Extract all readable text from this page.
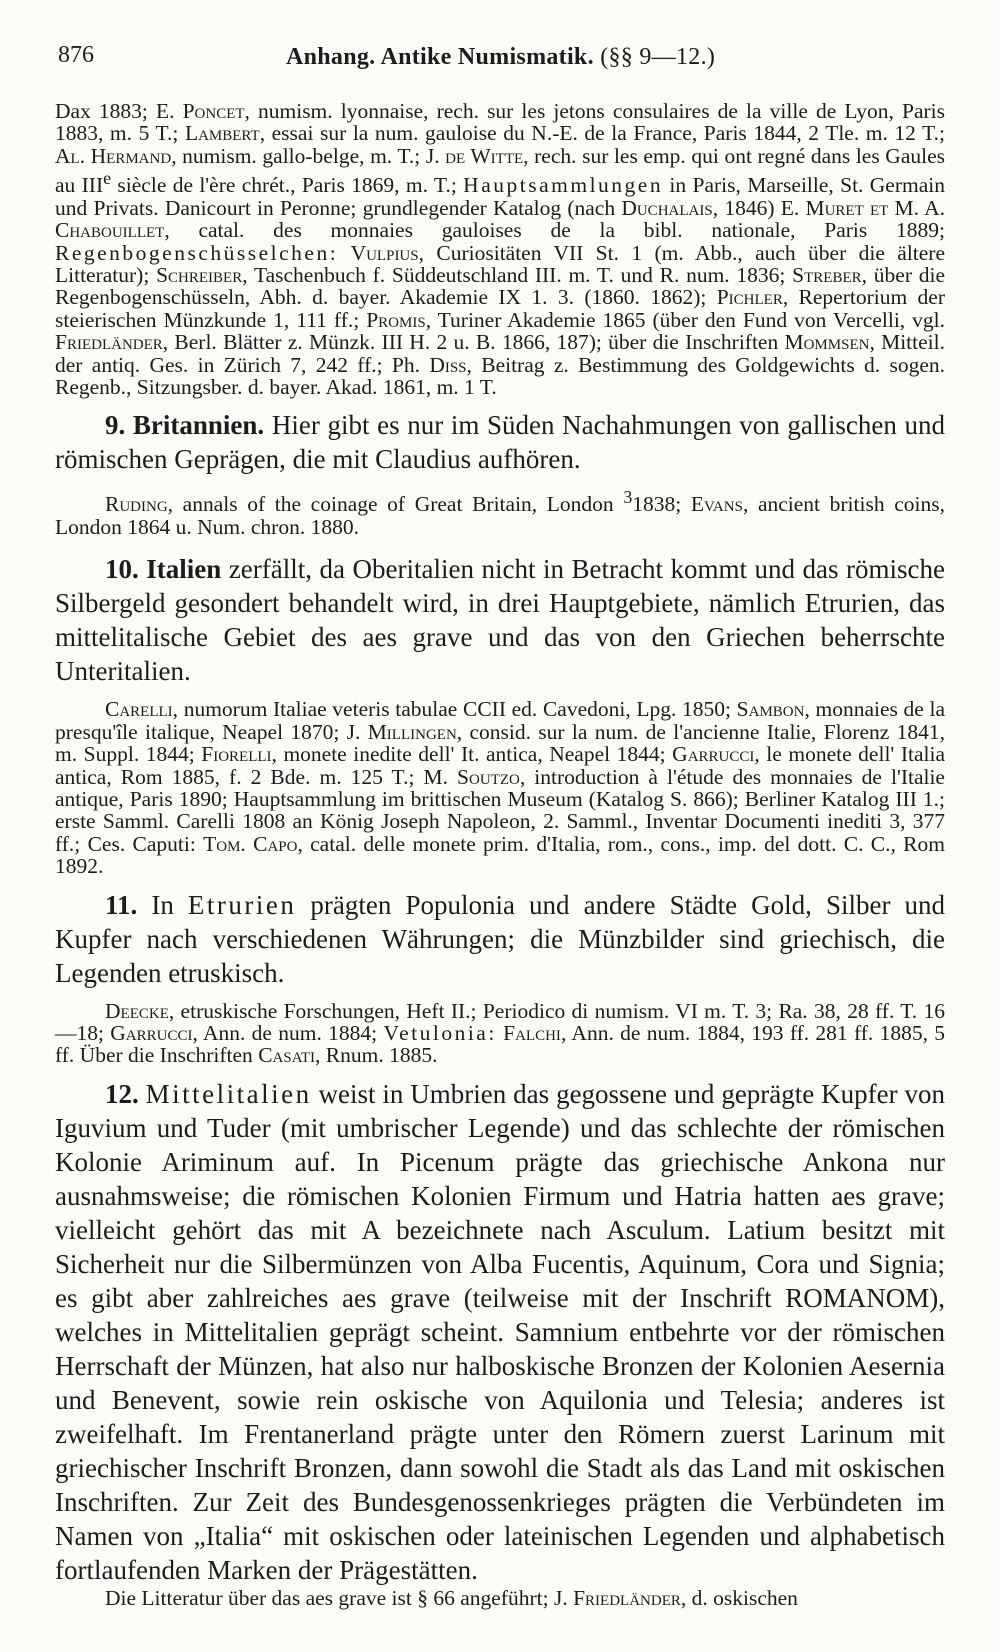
876	Anhang. Antike Numismatik. (§§ 9—12.)

Dax 1883; E. Poncet, numism. lyonnaise, rech. sur les jetons consulaires de la ville de Lyon, Paris 1883, m. 5 T.; Lambert, essai sur la num. gauloise du N.-E. de la France, Paris 1844, 2 Tle. m. 12 T.; Al. Hermand, numism. gallo-belge, m. T.; J. de Witte, rech. sur les emp. qui ont regné dans les Gaules au IIIe siècle de l'ère chrét., Paris 1869, m. T.; Hauptsammlungen in Paris, Marseille, St. Germain und Privats. Danicourt in Peronne; grundlegender Katalog (nach Duchalais, 1846) E. Muret et M. A. Chabouillet, catal. des monnaies gauloises de la bibl. nationale, Paris 1889; Regenbogenschüsselchen: Vulpius, Curiositäten VII St. 1 (m. Abb., auch über die ältere Litteratur); Schreiber, Taschenbuch f. Süddeutschland III. m. T. und R. num. 1836; Streber, über die Regenbogenschüsseln, Abh. d. bayer. Akademie IX 1. 3. (1860. 1862); Pichler, Repertorium der steierischen Münzkunde 1, 111 ff.; Promis, Turiner Akademie 1865 (über den Fund von Vercelli, vgl. Friedländer, Berl. Blätter z. Münzk. III H. 2 u. B. 1866, 187); über die Inschriften Mommsen, Mitteil. der antiq. Ges. in Zürich 7, 242 ff.; Ph. Diss, Beitrag z. Bestimmung des Goldgewichts d. sogen. Regenb., Sitzungsber. d. bayer. Akad. 1861, m. 1 T.

9. Britannien. Hier gibt es nur im Süden Nachahmungen von gallischen und römischen Geprägen, die mit Claudius aufhören.

Ruding, annals of the coinage of Great Britain, London $^3$1838; Evans, ancient british coins, London 1864 u. Num. chron. 1880.

10. Italien zerfällt, da Oberitalien nicht in Betracht kommt und das römische Silbergeld gesondert behandelt wird, in drei Hauptgebiete, nämlich Etrurien, das mittelitalische Gebiet des aes grave und das von den Griechen beherrschte Unteritalien.

Carelli, numorum Italiae veteris tabulae CCII ed. Cavedoni, Lpg. 1850; Sambon, monnaies de la presqu'île italique, Neapel 1870; J. Millingen, consid. sur la num. de l'ancienne Italie, Florenz 1841, m. Suppl. 1844; Fiorelli, monete inedite dell' It. antica, Neapel 1844; Garrucci, le monete dell' Italia antica, Rom 1885, f. 2 Bde. m. 125 T.; M. Soutzo, introduction à l'étude des monnaies de l'Italie antique, Paris 1890; Hauptsammlung im brittischen Museum (Katalog S. 866); Berliner Katalog III 1.; erste Samml. Carelli 1808 an König Joseph Napoleon, 2. Samml., Inventar Documenti inediti 3, 377 ff.; Ces. Caputi: Tom. Capo, catal. delle monete prim. d'Italia, rom., cons., imp. del dott. C. C., Rom 1892.

11. In Etrurien prägten Populonia und andere Städte Gold, Silber und Kupfer nach verschiedenen Währungen; die Münzbilder sind griechisch, die Legenden etruskisch.

Deecke, etruskische Forschungen, Heft II.; Periodico di numism. VI m. T. 3; Ra. 38, 28 ff. T. 16—18; Garrucci, Ann. de num. 1884; Vetulonia: Falchi, Ann. de num. 1884, 193 ff. 281 ff. 1885, 5 ff. Über die Inschriften Casati, Rnum. 1885.

12. Mittelitalien weist in Umbrien das gegossene und geprägte Kupfer von Iguvium und Tuder (mit umbrischer Legende) und das schlechte der römischen Kolonie Ariminum auf. In Picenum prägte das griechische Ankona nur ausnahmsweise; die römischen Kolonien Firmum und Hatria hatten aes grave; vielleicht gehört das mit A bezeichnete nach Asculum. Latium besitzt mit Sicherheit nur die Silbermünzen von Alba Fucentis, Aquinum, Cora und Signia; es gibt aber zahlreiches aes grave (teilweise mit der Inschrift ROMANOM), welches in Mittelitalien geprägt scheint. Samnium entbehrte vor der römischen Herrschaft der Münzen, hat also nur halboskische Bronzen der Kolonien Aesernia und Benevent, sowie rein oskische von Aquilonia und Telesia; anderes ist zweifelhaft. Im Frentanerland prägte unter den Römern zuerst Larinum mit griechischer Inschrift Bronzen, dann sowohl die Stadt als das Land mit oskischen Inschriften. Zur Zeit des Bundesgenossenkrieges prägten die Verbündeten im Namen von „Italia“ mit oskischen oder lateinischen Legenden und alphabetisch fortlaufenden Marken der Prägestätten.

Die Litteratur über das aes grave ist § 66 angeführt; J. Friedländer, d. oskischen
